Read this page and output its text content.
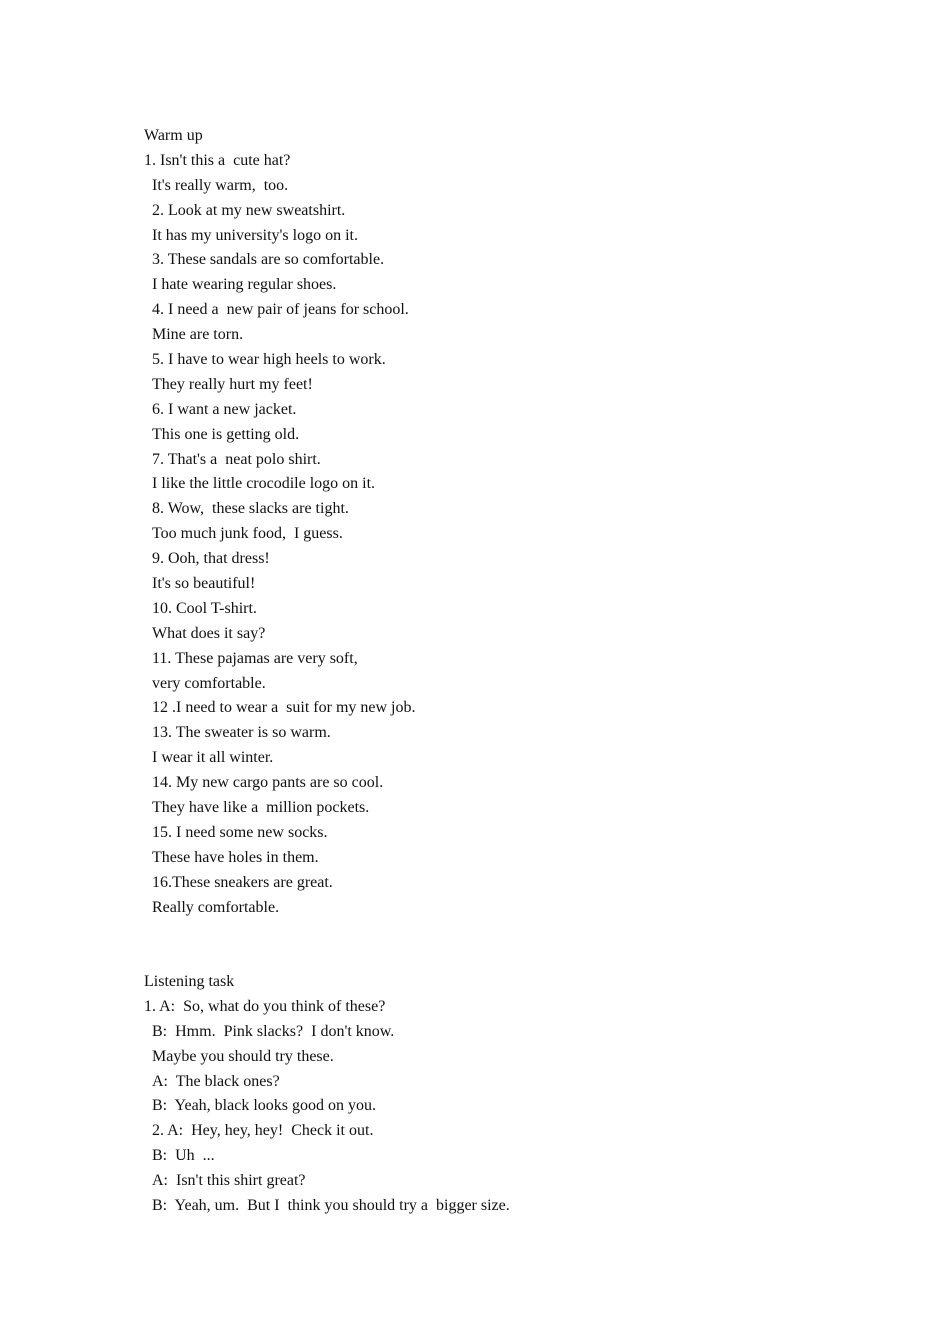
Warm up
1. Isn't this a  cute hat?
It's really warm,  too.
2. Look at my new sweatshirt.
It has my university's logo on it.
3. These sandals are so comfortable.
I hate wearing regular shoes.
4. I need a  new pair of jeans for school.
Mine are torn.
5. I have to wear high heels to work.
They really hurt my feet!
6. I want a new jacket.
This one is getting old.
7. That's a  neat polo shirt.
I like the little crocodile logo on it.
8. Wow,  these slacks are tight.
Too much junk food,  I guess.
9. Ooh, that dress!
It's so beautiful!
10. Cool T-shirt.
What does it say?
11. These pajamas are very soft,
very comfortable.
12 .I need to wear a  suit for my new job.
13. The sweater is so warm.
I wear it all winter.
14. My new cargo pants are so cool.
They have like a  million pockets.
15. I need some new socks.
These have holes in them.
16.These sneakers are great.
Really comfortable.
Listening task
1. A:  So, what do you think of these?
B:  Hmm.  Pink slacks?  I don't know.
Maybe you should try these.
A:  The black ones?
B:  Yeah, black looks good on you.
2. A:  Hey, hey, hey!  Check it out.
B:  Uh  ...
A:  Isn't this shirt great?
B:  Yeah, um.  But I  think you should try a  bigger size.
